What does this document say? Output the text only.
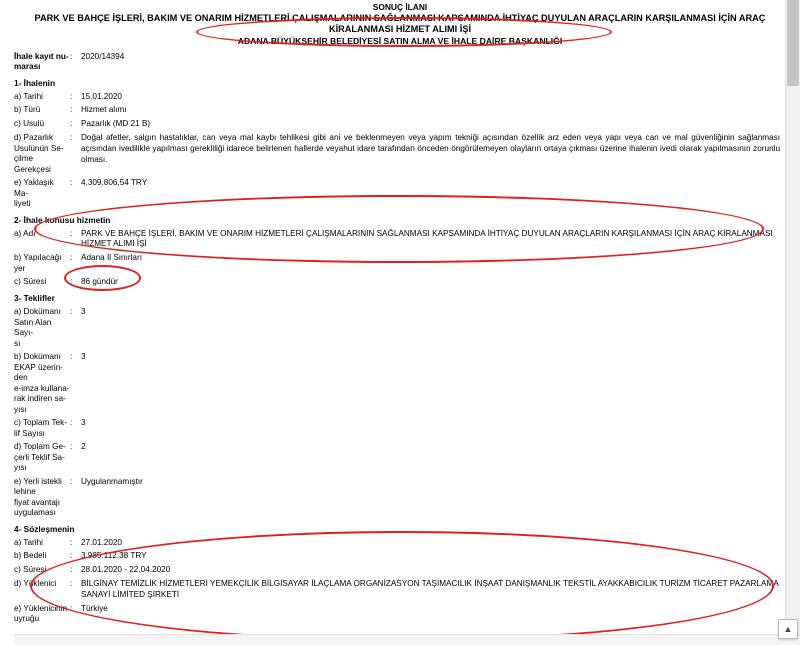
SONUÇ İLANI
PARK VE BAHÇE İŞLERİ, BAKIM VE ONARIM HİZMETLERİ ÇALIŞMALARININ SAĞLANMASI KAPSAMINDA İHTİYAÇ DUYULAN ARAÇLARIN KARŞILANMASI İÇİN ARAÇ KİRALANMASI HİZMET ALIMI İŞİ
ADANA BÜYÜKŞEHİR BELEDİYESİ SATIN ALMA VE İHALE DAİRE BAŞKANLIĞI
İhale kayıt nu-
marası
:	2020/14394
1- İhalenin
a) Tarihi	:	15.01.2020
b) Türü	:	Hizmet alımı
c) Usulü	:	Pazarlık (MD 21 B)
d) Pazarlık
Usulünün Se-
çilme
Gerekçesi
:	Doğal afetler, salgın hastalıklar, can veya mal kaybı tehlikesi gibi ani ve beklenmeyen veya yapım tekniği açısından özellik arz eden veya yapı veya can ve mal güvenliğinin sağlanması açısından ivedilikle yapılması gerekliliği idarece belirlenen hallerde veyahut idare tarafından önceden öngörülemeyen olayların ortaya çıkması üzerine ihalenin ivedi olarak yapılmasının zorunlu olması.
e) Yaklaşık Ma-
liyeti
:	4.309.806,54 TRY
2- İhale konusu hizmetin
a) Adı	:	PARK VE BAHÇE İŞLERİ, BAKIM VE ONARIM HİZMETLERİ ÇALIŞMALARININ SAĞLANMASI KAPSAMINDA İHTİYAÇ DUYULAN ARAÇLARIN KARŞILANMASI İÇİN ARAÇ KİRALANMASI HİZMET ALIMI İŞİ
b) Yapılacağı
yer
:	Adana İl Sınırları
c) Süresi	:	86 gündür
3- Teklifler
a) Dokümanı
Satın Alan Sayı-
sı
:	3
b) Dokümanı
EKAP üzerin-
den
e-imza kullana-
rak indiren sa-
yısı
:	3
c) Toplam Tek-
lif Sayısı
:	3
d) Toplam Ge-
çerli Teklif Sa-
yısı
:	2
e) Yerli istekli
lehine
fiyat avantajı
uygulaması
:	Uygulanmamıştır
4- Sözleşmenin
a) Tarihi	:	27.01.2020
b) Bedeli	:	3.985.112,38 TRY
c) Süresi	:	28.01.2020 - 22.04.2020
d) Yüklenici	:	BİLGİNAY TEMİZLİK HİZMETLERİ YEMEKÇİLİK BİLGİSAYAR İLAÇLAMA ORGANİZASYON TAŞIMACILIK İNŞAAT DANIŞMANLIK TEKSTİL AYAKKABICILIK TURİZM TİCARET PAZARLAMA SANAYİ LİMİTED ŞİRKETİ
e) Yüklenicinin
uyruğu
:	Türkiye
▲
